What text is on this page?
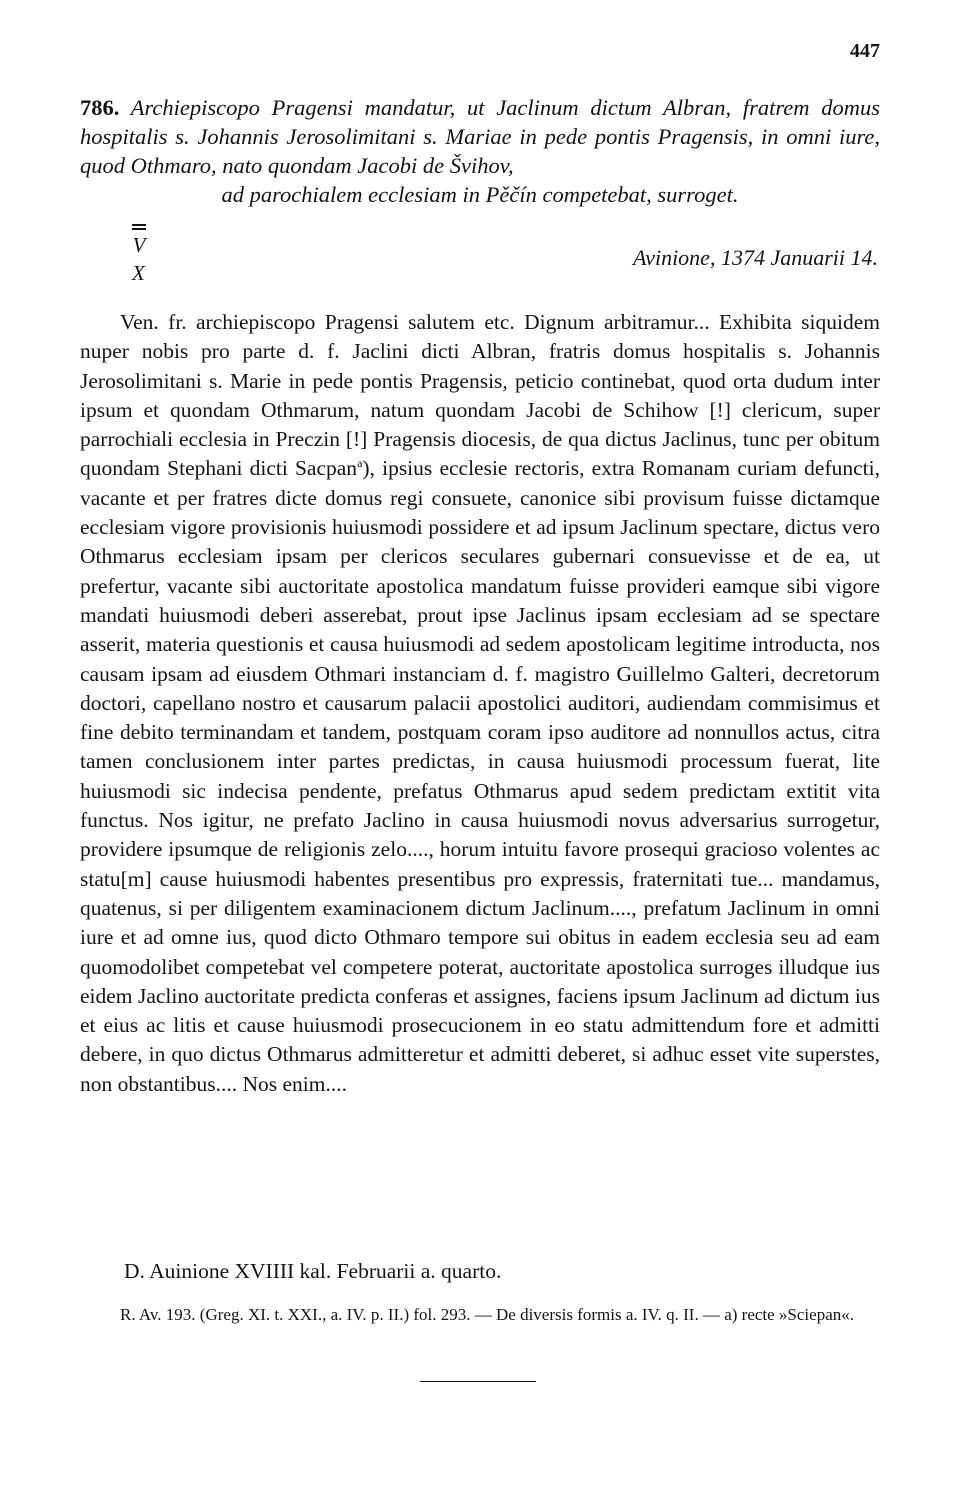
447
786. Archiepiscopo Pragensi mandatur, ut Jaclinum dictum Albran, fratrem domus hospitalis s. Johannis Jerosolimitani s. Mariae in pede pontis Pragensis, in omni iure, quod Othmaro, nato quondam Jacobi de Švihov,
ad parochialem ecclesiam in Pěčín competebat, surroget.
V
X
Avinione, 1374 Januarii 14.
Ven. fr. archiepiscopo Pragensi salutem etc. Dignum arbitramur... Exhibita siquidem nuper nobis pro parte d. f. Jaclini dicti Albran, fratris domus hospitalis s. Johannis Jerosolimitani s. Marie in pede pontis Pragensis, peticio continebat, quod orta dudum inter ipsum et quondam Othmarum, natum quondam Jacobi de Schihow [!] clericum, super parrochiali ecclesia in Preczin [!] Pragensis diocesis, de qua dictus Jaclinus, tunc per obitum quondam Stephani dicti Sacpan$^a$), ipsius ecclesie rectoris, extra Romanam curiam defuncti, vacante et per fratres dicte domus regi consuete, canonice sibi provisum fuisse dictamque ecclesiam vigore provisionis huiusmodi possidere et ad ipsum Jaclinum spectare, dictus vero Othmarus ecclesiam ipsam per clericos seculares gubernari consuevisse et de ea, ut prefertur, vacante sibi auctoritate apostolica mandatum fuisse provideri eamque sibi vigore mandati huiusmodi deberi asserebat, prout ipse Jaclinus ipsam ecclesiam ad se spectare asserit, materia questionis et causa huiusmodi ad sedem apostolicam legitime introducta, nos causam ipsam ad eiusdem Othmari instanciam d. f. magistro Guillelmo Galteri, decretorum doctori, capellano nostro et causarum palacii apostolici auditori, audiendam commisimus et fine debito terminandam et tandem, postquam coram ipso auditore ad nonnullos actus, citra tamen conclusionem inter partes predictas, in causa huiusmodi processum fuerat, lite huiusmodi sic indecisa pendente, prefatus Othmarus apud sedem predictam extitit vita functus. Nos igitur, ne prefato Jaclino in causa huiusmodi novus adversarius surrogetur, providere ipsumque de religionis zelo...., horum intuitu favore prosequi gracioso volentes ac statu[m] cause huiusmodi habentes presentibus pro expressis, fraternitati tue... mandamus, quatenus, si per diligentem examinacionem dictum Jaclinum...., prefatum Jaclinum in omni iure et ad omne ius, quod dicto Othmaro tempore sui obitus in eadem ecclesia seu ad eam quomodolibet competebat vel competere poterat, auctoritate apostolica surroges illudque ius eidem Jaclino auctoritate predicta conferas et assignes, faciens ipsum Jaclinum ad dictum ius et eius ac litis et cause huiusmodi prosecucionem in eo statu admittendum fore et admitti debere, in quo dictus Othmarus admitteretur et admitti deberet, si adhuc esset vite superstes, non obstantibus.... Nos enim....
D. Auinione XVIIII kal. Februarii a. quarto.
R. Av. 193. (Greg. XI. t. XXI., a. IV. p. II.) fol. 293. — De diversis formis a. IV. q. II. — a) recte »Sciepan«.
